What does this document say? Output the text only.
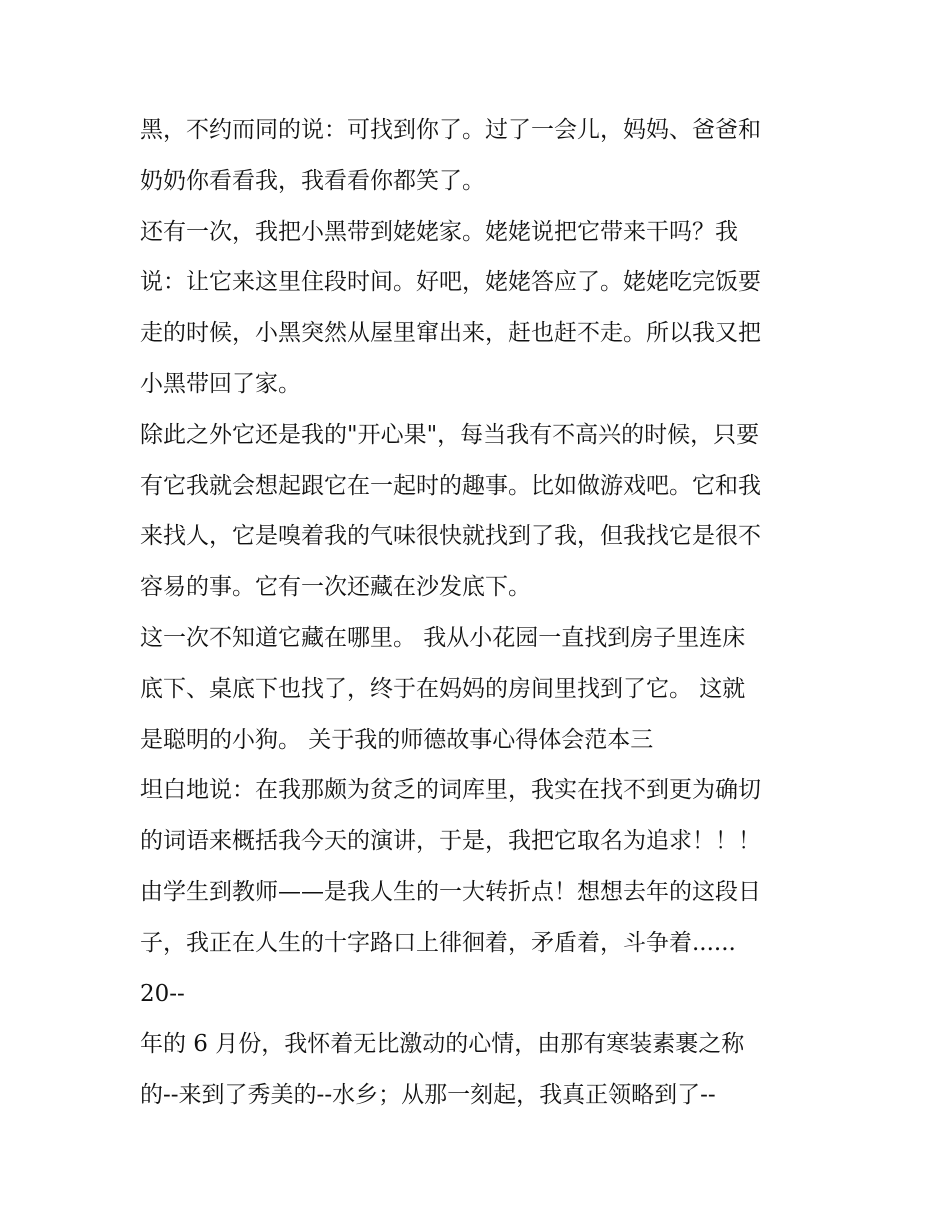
黑，不约而同的说：可找到你了。过了一会儿，妈妈、爸爸和
奶奶你看看我，我看看你都笑了。
还有一次，我把小黑带到姥姥家。姥姥说把它带来干吗？我
说：让它来这里住段时间。好吧，姥姥答应了。姥姥吃完饭要
走的时候，小黑突然从屋里窜出来，赶也赶不走。所以我又把
小黑带回了家。
除此之外它还是我的"开心果"，每当我有不高兴的时候，只要
有它我就会想起跟它在一起时的趣事。比如做游戏吧。它和我
来找人，它是嗅着我的气味很快就找到了我，但我找它是很不
容易的事。它有一次还藏在沙发底下。
这一次不知道它藏在哪里。 我从小花园一直找到房子里连床
底下、桌底下也找了，终于在妈妈的房间里找到了它。 这就
是聪明的小狗。 关于我的师德故事心得体会范本三
坦白地说：在我那颇为贫乏的词库里，我实在找不到更为确切
的词语来概括我今天的演讲，于是，我把它取名为追求！！！
由学生到教师——是我人生的一大转折点！想想去年的这段日
子，我正在人生的十字路口上徘徊着，矛盾着，斗争着......
20--
年的 6 月份，我怀着无比激动的心情，由那有寒装素裹之称
的--来到了秀美的--水乡；从那一刻起，我真正领略到了--
